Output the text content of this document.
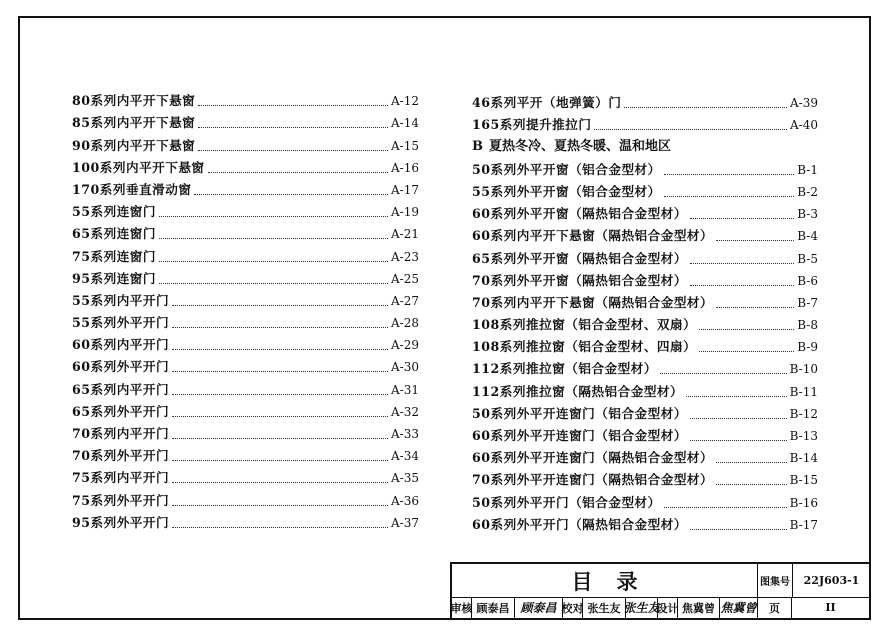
80系列内平开下悬窗	A-12
85系列内平开下悬窗	A-14
90系列内平开下悬窗	A-15
100系列内平开下悬窗	A-16
170系列垂直滑动窗	A-17
55系列连窗门	A-19
65系列连窗门	A-21
75系列连窗门	A-23
95系列连窗门	A-25
55系列内平开门	A-27
55系列外平开门	A-28
60系列内平开门	A-29
60系列外平开门	A-30
65系列内平开门	A-31
65系列外平开门	A-32
70系列内平开门	A-33
70系列外平开门	A-34
75系列内平开门	A-35
75系列外平开门	A-36
95系列外平开门	A-37
46系列平开（地弹簧）门	A-39
165系列提升推拉门	A-40
B 夏热冬冷、夏热冬暖、温和地区
50系列外平开窗（铝合金型材）	B-1
55系列外平开窗（铝合金型材）	B-2
60系列外平开窗（隔热铝合金型材）	B-3
60系列内平开下悬窗（隔热铝合金型材）	B-4
65系列外平开窗（隔热铝合金型材）	B-5
70系列外平开窗（隔热铝合金型材）	B-6
70系列内平开下悬窗（隔热铝合金型材）	B-7
108系列推拉窗（铝合金型材、双扇）	B-8
108系列推拉窗（铝合金型材、四扇）	B-9
112系列推拉窗（铝合金型材）	B-10
112系列推拉窗（隔热铝合金型材）	B-11
50系列外平开连窗门（铝合金型材）	B-12
60系列外平开连窗门（铝合金型材）	B-13
60系列外平开连窗门（隔热铝合金型材）	B-14
70系列外平开连窗门（隔热铝合金型材）	B-15
50系列外平开门（铝合金型材）	B-16
60系列外平开门（隔热铝合金型材）	B-17
目录	图集号	22J603-1
审核 顾泰昌 顾泰昌 校对 张生友 张生友
设计 焦冀曾 焦冀曾	页	II
